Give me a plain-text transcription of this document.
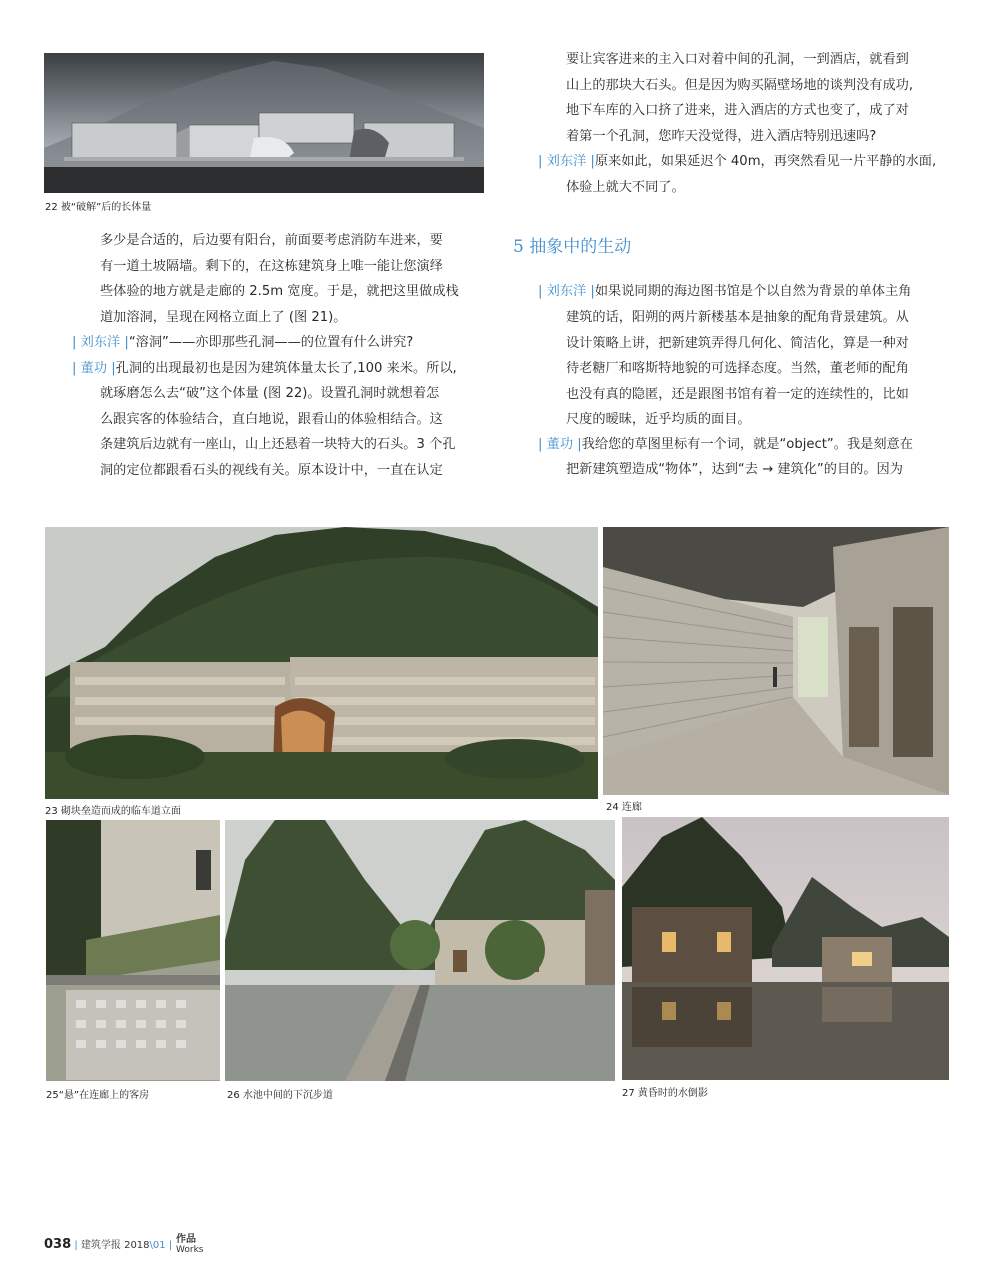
22 被“破解”后的长体量
多少是合适的，后边要有阳台，前面要考虑消防车进来，要
有一道土坡隔墙。剩下的，在这栋建筑身上唯一能让您演绎
些体验的地方就是走廊的 2.5m 宽度。于是，就把这里做成栈
道加溶洞，呈现在网格立面上了 (图 21)。
| 刘东洋 |“溶洞”——亦即那些孔洞——的位置有什么讲究?
| 董功 |孔洞的出现最初也是因为建筑体量太长了,100 来米。所以,
就琢磨怎么去“破”这个体量 (图 22)。设置孔洞时就想着怎
么跟宾客的体验结合，直白地说，跟看山的体验相结合。这
条建筑后边就有一座山，山上还悬着一块特大的石头。3 个孔
洞的定位都跟看石头的视线有关。原本设计中，一直在认定
要让宾客进来的主入口对着中间的孔洞，一到酒店，就看到
山上的那块大石头。但是因为购买隔壁场地的谈判没有成功,
地下车库的入口挤了进来，进入酒店的方式也变了，成了对
着第一个孔洞，您昨天没觉得，进入酒店特别迅速吗?
| 刘东洋 |原来如此，如果延迟个 40m，再突然看见一片平静的水面,
体验上就大不同了。
5 抽象中的生动
| 刘东洋 |如果说同期的海边图书馆是个以自然为背景的单体主角
建筑的话，阳朔的两片新楼基本是抽象的配角背景建筑。从
设计策略上讲，把新建筑弄得几何化、简洁化，算是一种对
待老糖厂和喀斯特地貌的可选择态度。当然，董老师的配角
也没有真的隐匿，还是跟图书馆有着一定的连续性的，比如
尺度的暧昧，近乎均质的面目。
| 董功 |我给您的草图里标有一个词，就是“object”。我是刻意在
把新建筑塑造成“物体”，达到“去 → 建筑化”的目的。因为
23 砌块垒造而成的临车道立面	24 连廊
25“悬”在连廊上的客房	26 水池中间的下沉步道	27 黄昏时的水倒影
038 | 建筑学报 2018\01 |
作品
Works
